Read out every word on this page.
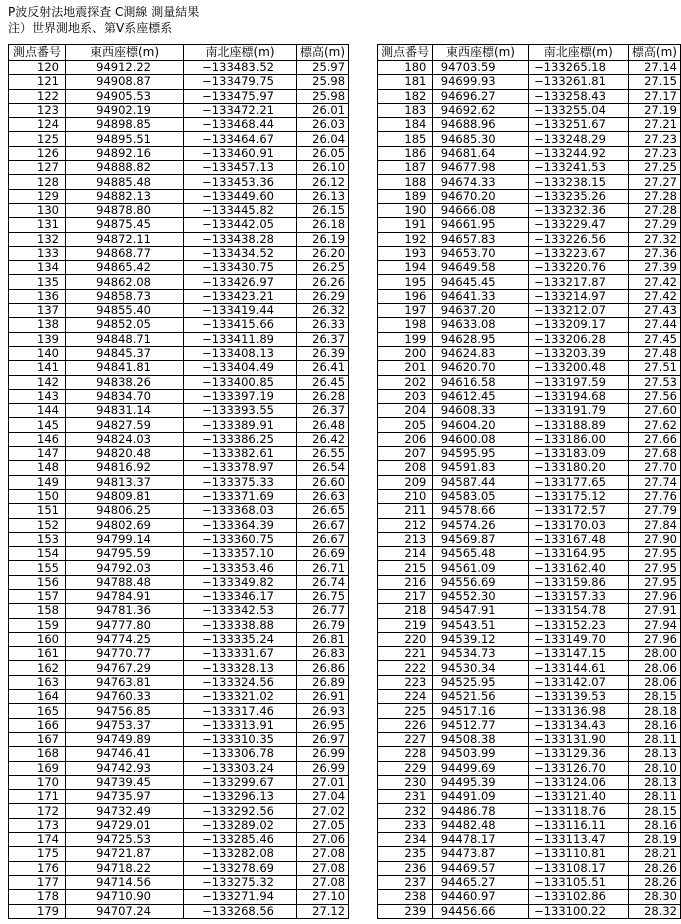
P波反射法地震探査 C測線 測量結果
注）世界測地系、第Ⅴ系座標系
測点番号	東西座標(m)	南北座標(m)	標高(m)
120	94912.22	−133483.52	25.97
121	94908.87	−133479.75	25.98
122	94905.53	−133475.97	25.98
123	94902.19	−133472.21	26.01
124	94898.85	−133468.44	26.03
125	94895.51	−133464.67	26.04
126	94892.16	−133460.91	26.05
127	94888.82	−133457.13	26.10
128	94885.48	−133453.36	26.12
129	94882.13	−133449.60	26.13
130	94878.80	−133445.82	26.15
131	94875.45	−133442.05	26.18
132	94872.11	−133438.28	26.19
133	94868.77	−133434.52	26.20
134	94865.42	−133430.75	26.25
135	94862.08	−133426.97	26.26
136	94858.73	−133423.21	26.29
137	94855.40	−133419.44	26.32
138	94852.05	−133415.66	26.33
139	94848.71	−133411.89	26.37
140	94845.37	−133408.13	26.39
141	94841.81	−133404.49	26.41
142	94838.26	−133400.85	26.45
143	94834.70	−133397.19	26.28
144	94831.14	−133393.55	26.37
145	94827.59	−133389.91	26.48
146	94824.03	−133386.25	26.42
147	94820.48	−133382.61	26.55
148	94816.92	−133378.97	26.54
149	94813.37	−133375.33	26.60
150	94809.81	−133371.69	26.63
151	94806.25	−133368.03	26.65
152	94802.69	−133364.39	26.67
153	94799.14	−133360.75	26.67
154	94795.59	−133357.10	26.69
155	94792.03	−133353.46	26.71
156	94788.48	−133349.82	26.74
157	94784.91	−133346.17	26.75
158	94781.36	−133342.53	26.77
159	94777.80	−133338.88	26.79
160	94774.25	−133335.24	26.81
161	94770.77	−133331.67	26.83
162	94767.29	−133328.13	26.86
163	94763.81	−133324.56	26.89
164	94760.33	−133321.02	26.91
165	94756.85	−133317.46	26.93
166	94753.37	−133313.91	26.95
167	94749.89	−133310.35	26.97
168	94746.41	−133306.78	26.99
169	94742.93	−133303.24	26.99
170	94739.45	−133299.67	27.01
171	94735.97	−133296.13	27.04
172	94732.49	−133292.56	27.02
173	94729.01	−133289.02	27.05
174	94725.53	−133285.46	27.06
175	94721.87	−133282.08	27.08
176	94718.22	−133278.69	27.08
177	94714.56	−133275.32	27.08
178	94710.90	−133271.94	27.10
179	94707.24	−133268.56	27.12
測点番号	東西座標(m)	南北座標(m)	標高(m)
180	94703.59	−133265.18	27.14
181	94699.93	−133261.81	27.15
182	94696.27	−133258.43	27.17
183	94692.62	−133255.04	27.19
184	94688.96	−133251.67	27.21
185	94685.30	−133248.29	27.23
186	94681.64	−133244.92	27.23
187	94677.98	−133241.53	27.25
188	94674.33	−133238.15	27.27
189	94670.20	−133235.26	27.28
190	94666.08	−133232.36	27.28
191	94661.95	−133229.47	27.29
192	94657.83	−133226.56	27.32
193	94653.70	−133223.67	27.36
194	94649.58	−133220.76	27.39
195	94645.45	−133217.87	27.42
196	94641.33	−133214.97	27.42
197	94637.20	−133212.07	27.43
198	94633.08	−133209.17	27.44
199	94628.95	−133206.28	27.45
200	94624.83	−133203.39	27.48
201	94620.70	−133200.48	27.51
202	94616.58	−133197.59	27.53
203	94612.45	−133194.68	27.56
204	94608.33	−133191.79	27.60
205	94604.20	−133188.89	27.62
206	94600.08	−133186.00	27.66
207	94595.95	−133183.09	27.68
208	94591.83	−133180.20	27.70
209	94587.44	−133177.65	27.74
210	94583.05	−133175.12	27.76
211	94578.66	−133172.57	27.79
212	94574.26	−133170.03	27.84
213	94569.87	−133167.48	27.90
214	94565.48	−133164.95	27.95
215	94561.09	−133162.40	27.95
216	94556.69	−133159.86	27.95
217	94552.30	−133157.33	27.96
218	94547.91	−133154.78	27.91
219	94543.51	−133152.23	27.94
220	94539.12	−133149.70	27.96
221	94534.73	−133147.15	28.00
222	94530.34	−133144.61	28.06
223	94525.95	−133142.07	28.06
224	94521.56	−133139.53	28.15
225	94517.16	−133136.98	28.18
226	94512.77	−133134.43	28.16
227	94508.38	−133131.90	28.11
228	94503.99	−133129.36	28.13
229	94499.69	−133126.70	28.10
230	94495.39	−133124.06	28.13
231	94491.09	−133121.40	28.11
232	94486.78	−133118.76	28.15
233	94482.48	−133116.11	28.16
234	94478.17	−133113.47	28.19
235	94473.87	−133110.81	28.21
236	94469.57	−133108.17	28.26
237	94465.27	−133105.51	28.26
238	94460.97	−133102.86	28.30
239	94456.66	−133100.22	28.32
